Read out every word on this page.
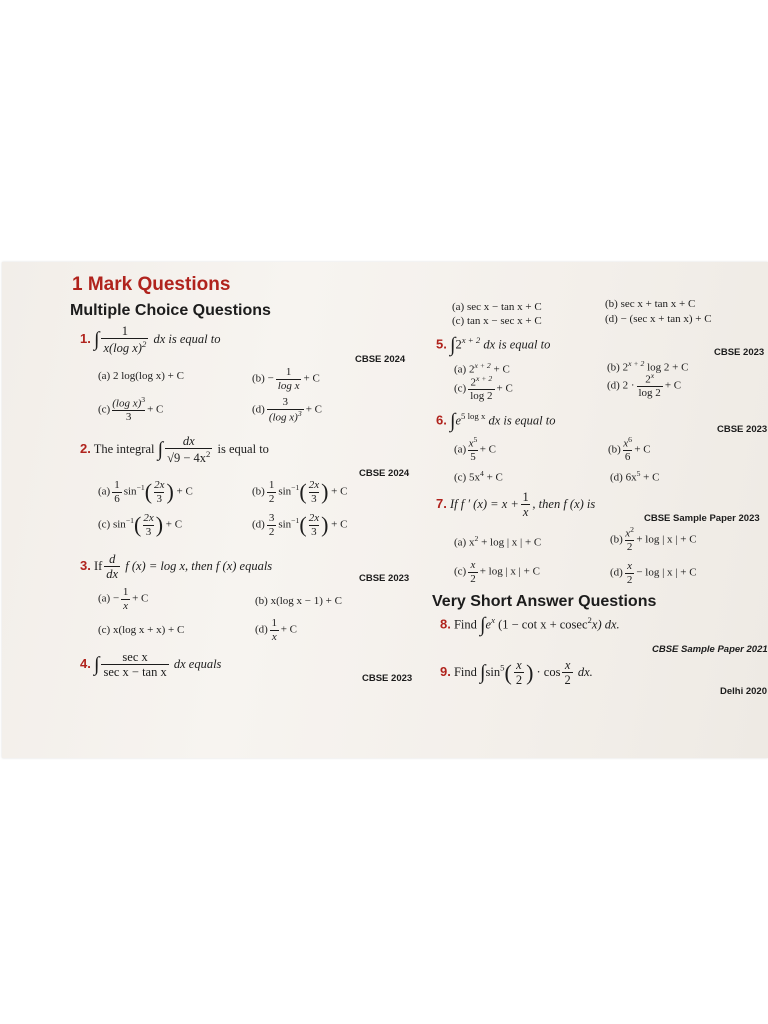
1 Mark Questions
Multiple Choice Questions
1. ∫ $\frac{1}{x(\log x)^2}$ dx is equal to
CBSE 2024
(a) 2 log(log x) + C	$(b) - \frac{1}{\text{log x}} + C$
$(c) \frac{(\log x)^3}{3} + C$	$(d) \frac{3}{(\log x)^3} + C$
2. The integral ∫ $\frac{dx}{√9 - 4x^2}$ is equal to
CBSE 2024
$(a) \frac{1}{6} \sin^{-1}( \frac{2x}{3}$ ) + C	$(b) \frac{1}{2} \sin^{-1}( \frac{2x}{3}$ ) + C
(c) $\sin^{-1}( \frac{2x}{3}$ ) + C	$(d) \frac{3}{2} \sin^{-1}( \frac{2x}{3}$ ) + C
3. If $\frac{d}{dx}$ f (x) = log x, then f (x) equals
CBSE 2023
$(a) - \frac{1}{x} + C$	(b) x(log x − 1) + C
(c) x(log x + x) + C	$(d) \frac{1}{x} + C$
4. ∫ $\frac{\text{sec x}}{\text{sec x − tan x}}$ dx equals
CBSE 2023
(a) sec x − tan x + C	(b) sec x + tan x + C
(c) tan x − sec x + C	(d) − (sec x + tan x) + C
5. $\int 2^{x + 2}$ dx is equal to
CBSE 2023
(a) $2^{x + 2} + C$	(b) $2^{x + 2}$ log 2 + C
$(c) \frac{2^{x + 2}}{\log 2} + C$	(d) $2 \cdot \frac{2^x}{\log 2} + C$
6. $\int e^{5 log x}$ dx is equal to
CBSE 2023
$(a) \frac{x^5}{5} + C$	$(b) \frac{x^6}{6} + C$
(c) $5x^4 + C$	(d) $6x^5 + C$
7. If f ′ $(x) = x + \frac{1}{x}$ , then f (x) is
CBSE Sample Paper 2023
(a) $x^2 + \log$ | x | + C	$(b) \frac{x^2}{2} + \log$ | x | + C
$(c) \frac{x}{2} + \log$ | x | + C	$(d) \frac{x}{2} - \log$ | x | + C
Very Short Answer Questions
8. Find $\int e^x$ (1 − cot x + cosec$^2$x) dx.
CBSE Sample Paper 2021
9. Find $\int\sin^5( \frac{x}{2}$ ) · $\cos \frac{x}{2}$ dx.
Delhi 2020
